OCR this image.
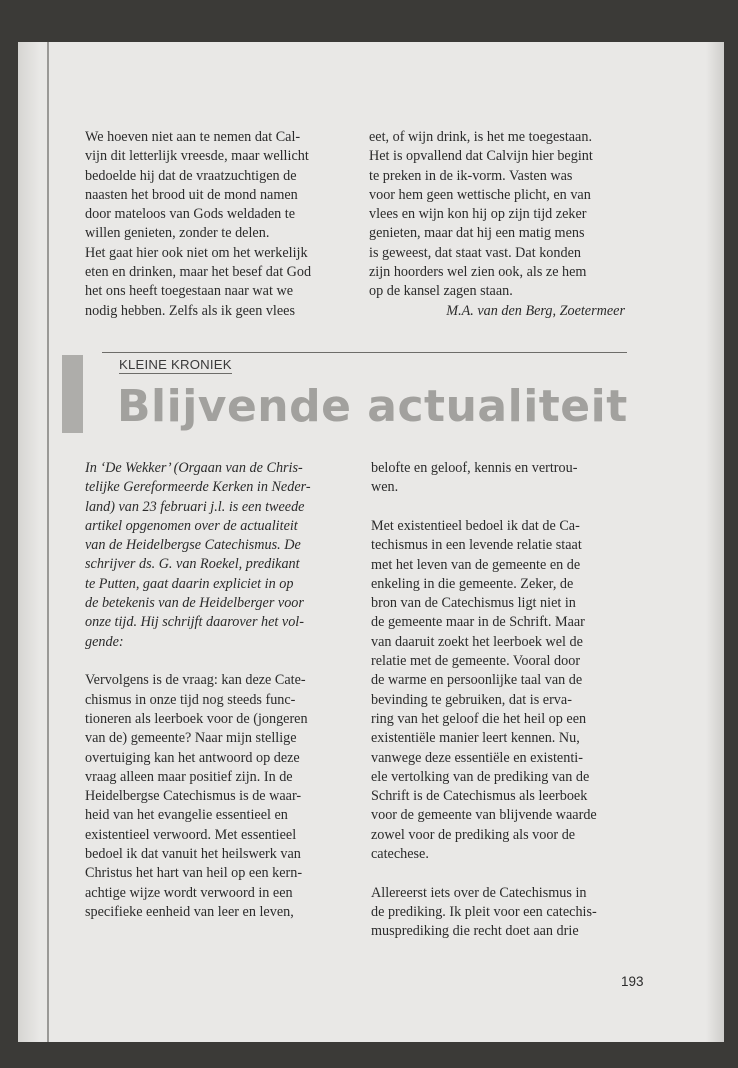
We hoeven niet aan te nemen dat Cal-

vijn dit letterlijk vreesde, maar wellicht

bedoelde hij dat de vraatzuchtigen de

naasten het brood uit de mond namen

door mateloos van Gods weldaden te

willen genieten, zonder te delen.

Het gaat hier ook niet om het werkelijk

eten en drinken, maar het besef dat God

het ons heeft toegestaan naar wat we

nodig hebben. Zelfs als ik geen vlees

eet, of wijn drink, is het me toegestaan.

Het is opvallend dat Calvijn hier begint

te preken in de ik-vorm. Vasten was

voor hem geen wettische plicht, en van

vlees en wijn kon hij op zijn tijd zeker

genieten, maar dat hij een matig mens

is geweest, dat staat vast. Dat konden

zijn hoorders wel zien ook, als ze hem

op de kansel zagen staan.

M.A. van den Berg, Zoetermeer

KLEINE KRONIEK
Blijvende actualiteit

In ‘De Wekker’ (Orgaan van de Chris-

telijke Gereformeerde Kerken in Neder-

land) van 23 februari j.l. is een tweede

artikel opgenomen over de actualiteit

van de Heidelbergse Catechismus. De

schrijver ds. G. van Roekel, predikant

te Putten, gaat daarin expliciet in op

de betekenis van de Heidelberger voor

onze tijd. Hij schrijft daarover het vol-

gende:

Vervolgens is de vraag: kan deze Cate-

chismus in onze tijd nog steeds func-

tioneren als leerboek voor de (jongeren

van de) gemeente? Naar mijn stellige

overtuiging kan het antwoord op deze

vraag alleen maar positief zijn. In de

Heidelbergse Catechismus is de waar-

heid van het evangelie essentieel en

existentieel verwoord. Met essentieel

bedoel ik dat vanuit het heilswerk van

Christus het hart van heil op een kern-

achtige wijze wordt verwoord in een

specifieke eenheid van leer en leven,

belofte en geloof, kennis en vertrou-

wen.

Met existentieel bedoel ik dat de Ca-

techismus in een levende relatie staat

met het leven van de gemeente en de

enkeling in die gemeente. Zeker, de

bron van de Catechismus ligt niet in

de gemeente maar in de Schrift. Maar

van daaruit zoekt het leerboek wel de

relatie met de gemeente. Vooral door

de warme en persoonlijke taal van de

bevinding te gebruiken, dat is erva-

ring van het geloof die het heil op een

existentiële manier leert kennen. Nu,

vanwege deze essentiële en existenti-

ele vertolking van de prediking van de

Schrift is de Catechismus als leerboek

voor de gemeente van blijvende waarde

zowel voor de prediking als voor de

catechese.

Allereerst iets over de Catechismus in

de prediking. Ik pleit voor een catechis-

musprediking die recht doet aan drie

193
